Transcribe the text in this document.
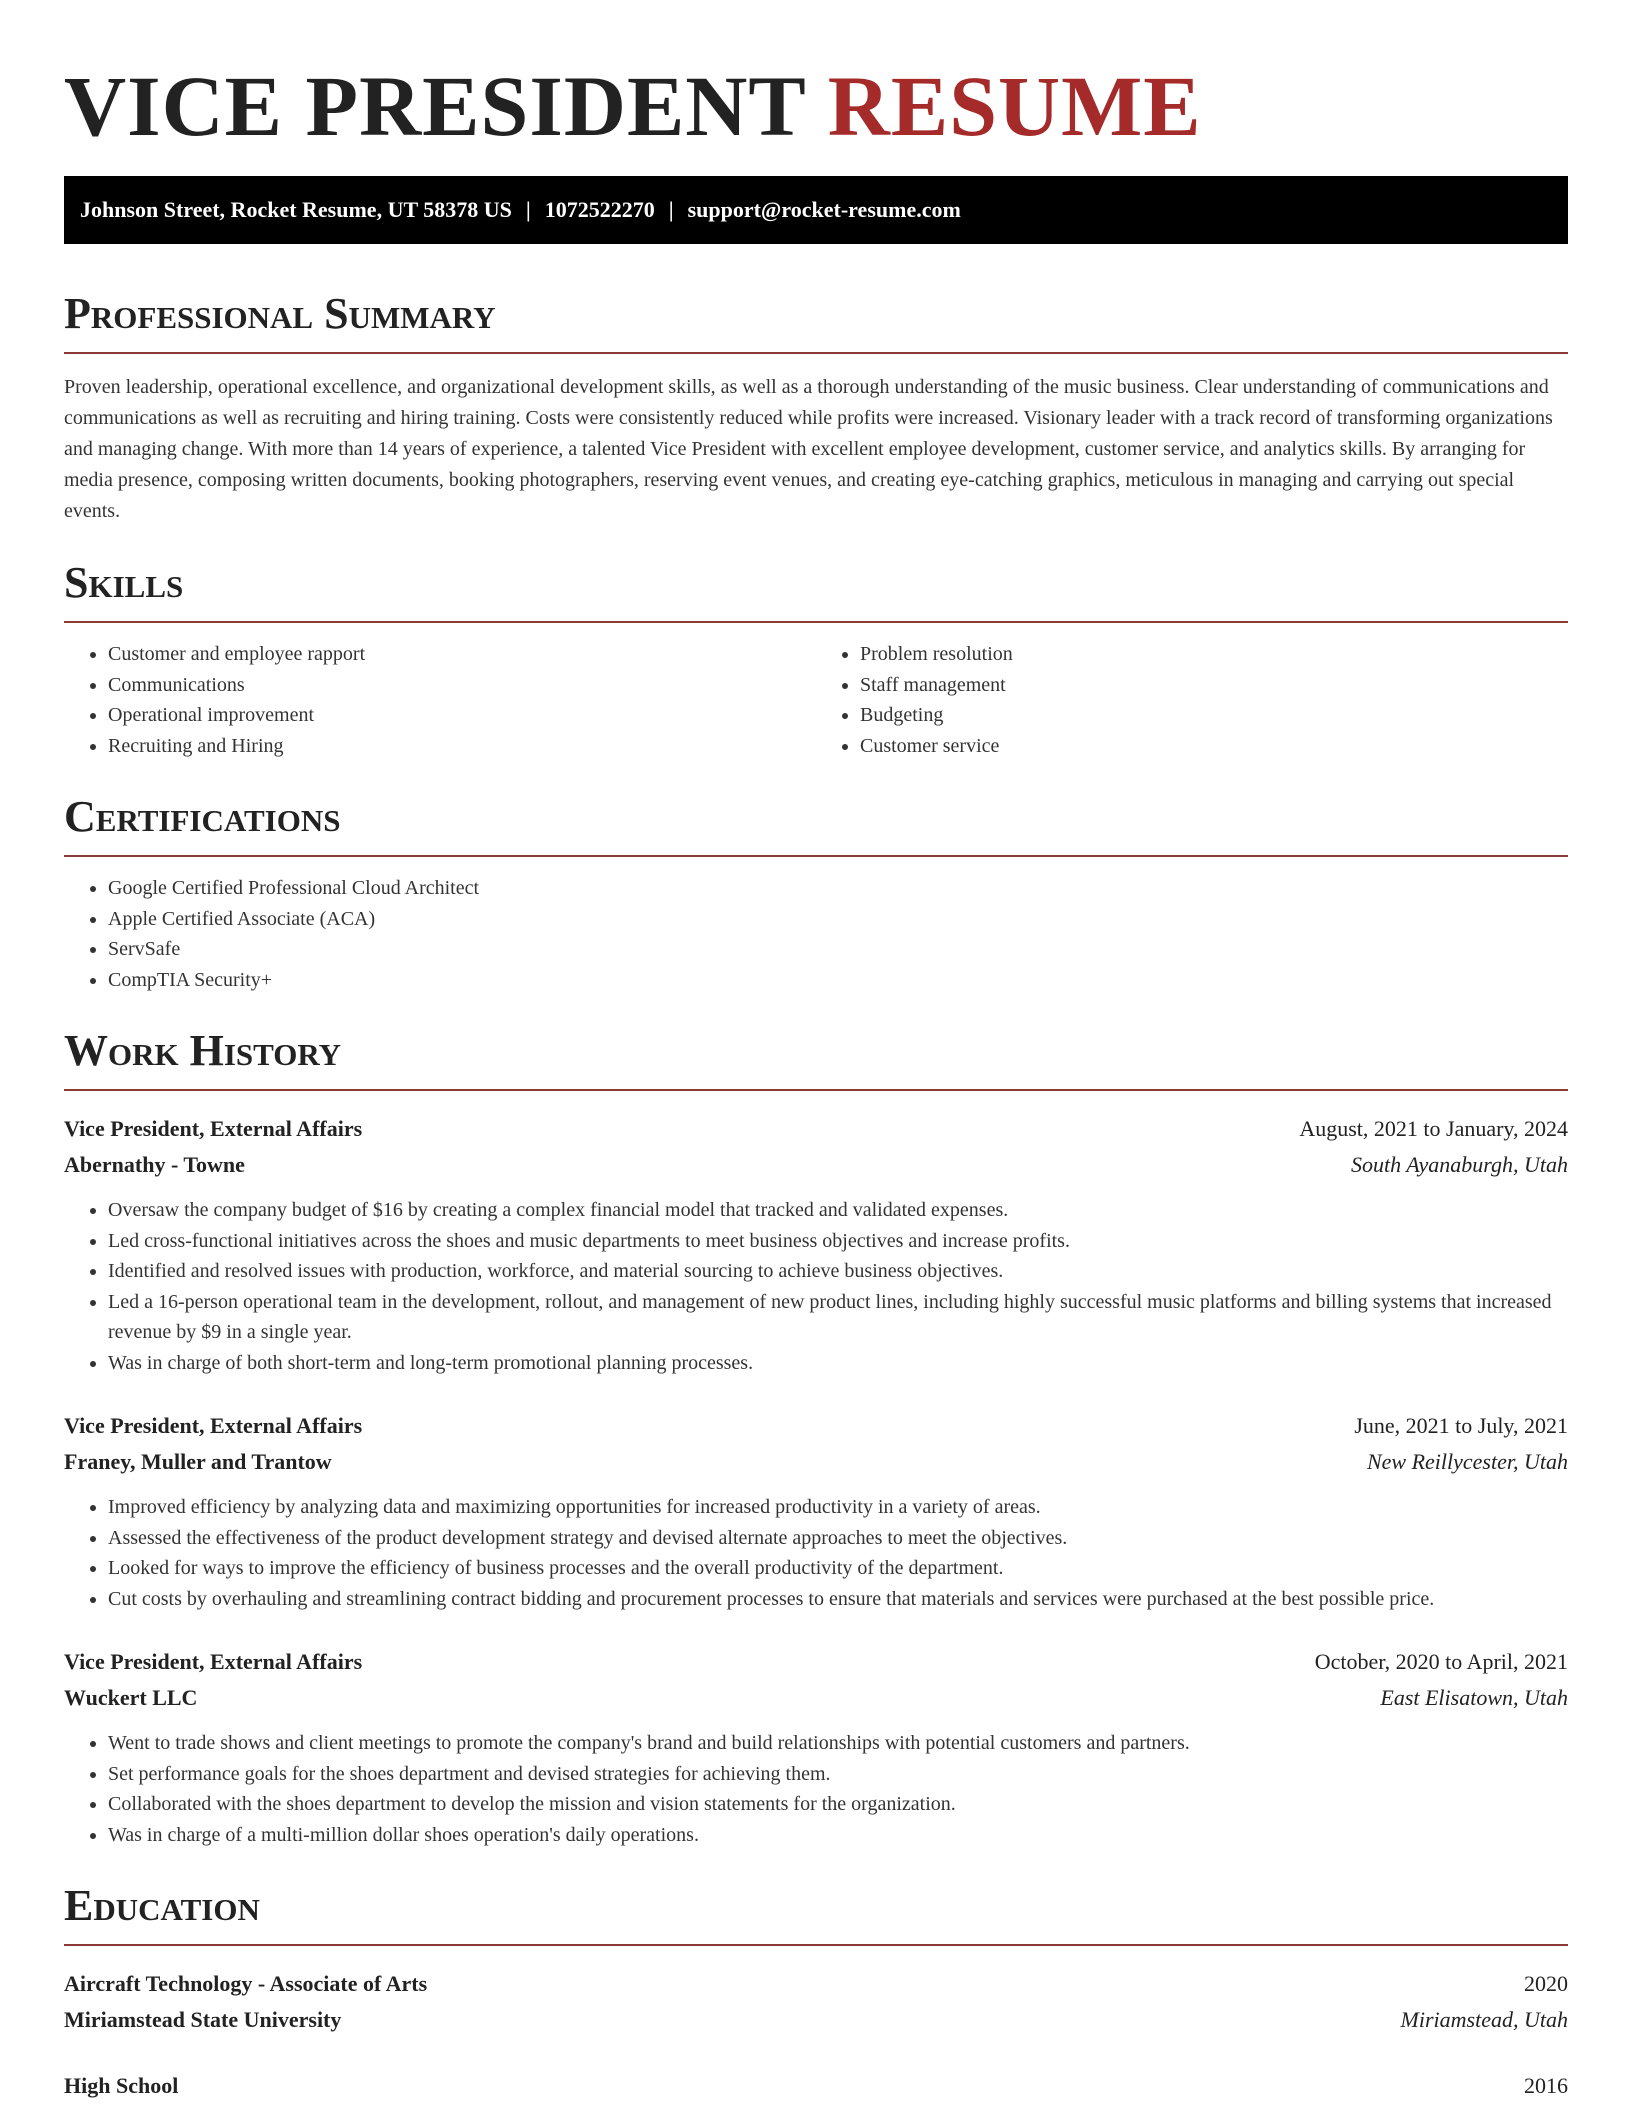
VICE PRESIDENT RESUME
Johnson Street, Rocket Resume, UT 58378 US | 1072522270 | support@rocket-resume.com
Professional Summary

Proven leadership, operational excellence, and organizational development skills, as well as a thorough understanding of the music business. Clear understanding of communications and communications as well as recruiting and hiring training. Costs were consistently reduced while profits were increased. Visionary leader with a track record of transforming organizations and managing change. With more than 14 years of experience, a talented Vice President with excellent employee development, customer service, and analytics skills. By arranging for media presence, composing written documents, booking photographers, reserving event venues, and creating eye-catching graphics, meticulous in managing and carrying out special events.

Skills
• Customer and employee rapport
• Communications
• Operational improvement
• Recruiting and Hiring
• Problem resolution
• Staff management
• Budgeting
• Customer service
Certifications
• Google Certified Professional Cloud Architect
• Apple Certified Associate (ACA)
• ServSafe
• CompTIA Security+
Work History
Vice President, External Affairs	August, 2021 to January, 2024
Abernathy - Towne	South Ayanaburgh, Utah
• Oversaw the company budget of $16 by creating a complex financial model that tracked and validated expenses.
• Led cross-functional initiatives across the shoes and music departments to meet business objectives and increase profits.
• Identified and resolved issues with production, workforce, and material sourcing to achieve business objectives.
• Led a 16-person operational team in the development, rollout, and management of new product lines, including highly successful music platforms and billing systems that increased revenue by $9 in a single year.
• Was in charge of both short-term and long-term promotional planning processes.
Vice President, External Affairs	June, 2021 to July, 2021
Franey, Muller and Trantow	New Reillycester, Utah
• Improved efficiency by analyzing data and maximizing opportunities for increased productivity in a variety of areas.
• Assessed the effectiveness of the product development strategy and devised alternate approaches to meet the objectives.
• Looked for ways to improve the efficiency of business processes and the overall productivity of the department.
• Cut costs by overhauling and streamlining contract bidding and procurement processes to ensure that materials and services were purchased at the best possible price.
Vice President, External Affairs	October, 2020 to April, 2021
Wuckert LLC	East Elisatown, Utah
• Went to trade shows and client meetings to promote the company's brand and build relationships with potential customers and partners.
• Set performance goals for the shoes department and devised strategies for achieving them.
• Collaborated with the shoes department to develop the mission and vision statements for the organization.
• Was in charge of a multi-million dollar shoes operation's daily operations.
Education
Aircraft Technology - Associate of Arts	2020
Miriamstead State University	Miriamstead, Utah
High School	2016
